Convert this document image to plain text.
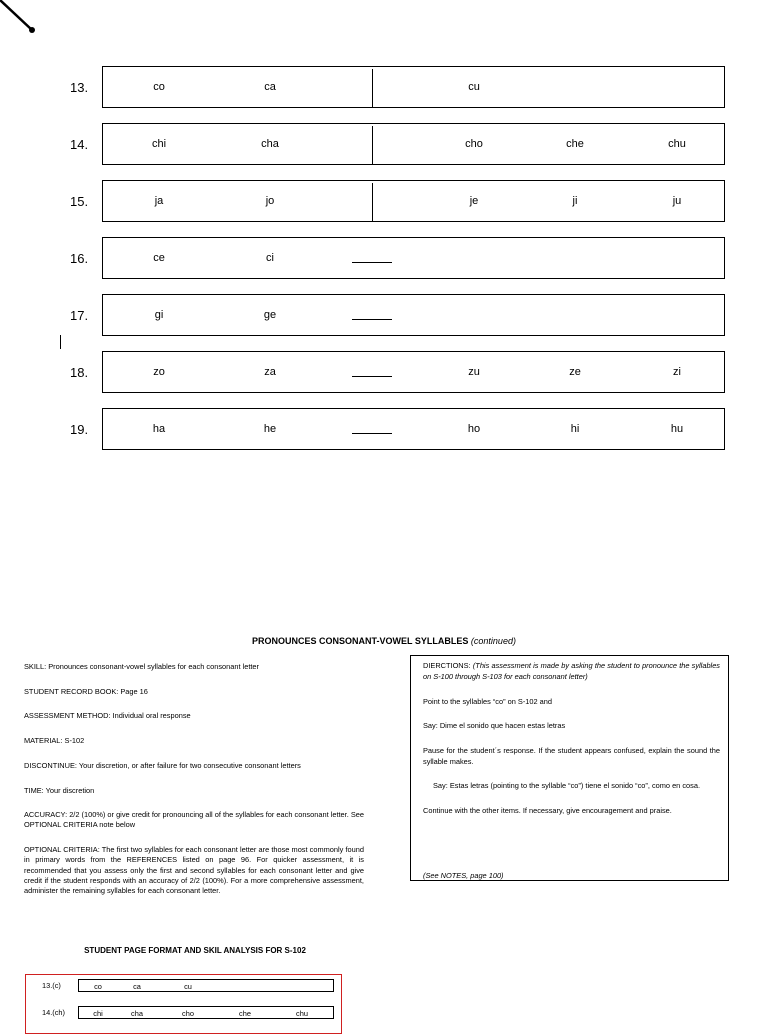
13.	co	ca	cu
14.	chi	cha	cho	che	chu
15.	ja	jo	je	ji	ju
16.	ce	ci
17.	gi	ge
18.	zo	za	zu	ze	zi
19.	ha	he	ho	hi	hu
PRONOUNCES CONSONANT-VOWEL SYLLABLES (continued)
SKILL: Pronounces consonant-vowel syllables for each consonant letter
STUDENT RECORD BOOK: Page 16
ASSESSMENT METHOD: Individual oral response
MATERIAL: S-102
DISCONTINUE: Your discretion, or after failure for two consecutive consonant letters
TIME: Your discretion
ACCURACY: 2/2 (100%) or give credit for pronouncing all of the syllables for each consonant letter. See OPTIONAL CRITERIA note below
OPTIONAL CRITERIA: The first two syllables for each consonant letter are those most commonly found in primary words from the REFERENCES listed on page 96. For quicker assessment, it is recommended that you assess only the first and second syllables for each consonant letter and give credit if the student responds with an accuracy of 2/2 (100%). For a more comprehensive assessment, administer the remaining syllables for each consonant letter.
DIERCTIONS: (This assessment is made by asking the student to pronounce the syllables on S-100 through S-103 for each consonant letter)
Point to the syllables “co” on S-102 and
Say: Dime el sonido que hacen estas letras
Pause for the student´s response. If the student appears confused, explain the sound the syllable makes.
Say: Estas letras (pointing to the syllable “co”) tiene el sonido “co”, como en cosa.
Continue with the other items. If necessary, give encouragement and praise.
(See NOTES, page 100)
STUDENT PAGE FORMAT AND SKIL ANALYSIS FOR S-102
13.(c)	co	ca	cu
14.(ch)	chi	cha	cho	che	chu
